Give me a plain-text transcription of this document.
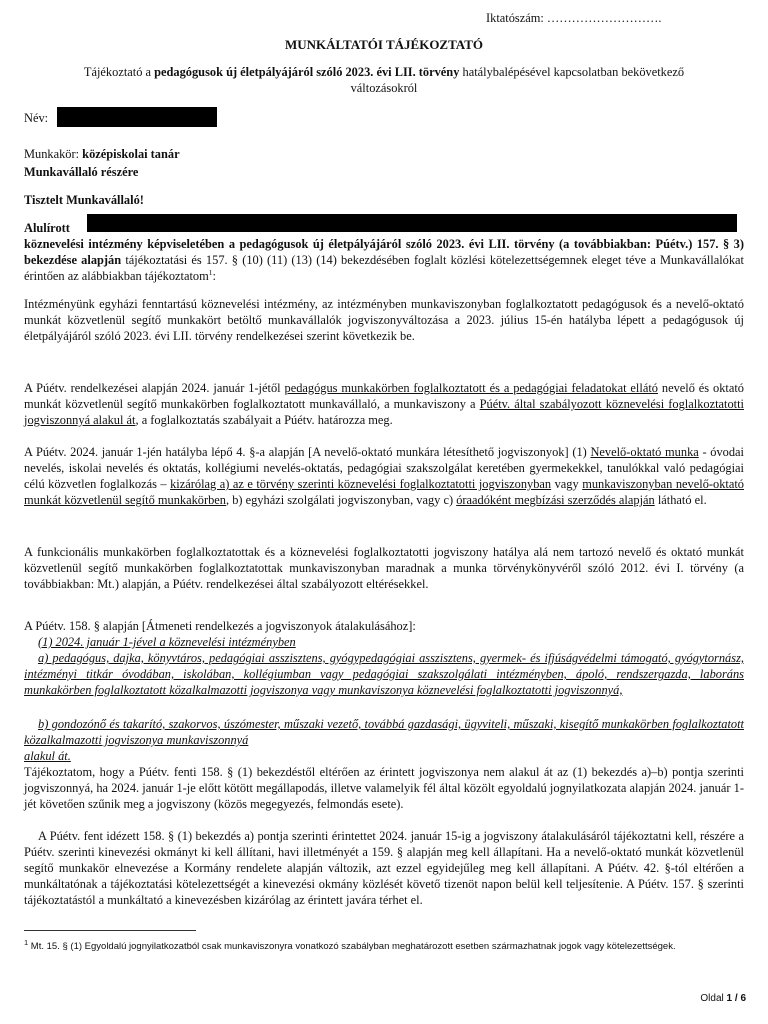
Iktatószám: ……………………….
MUNKÁLTATÓI TÁJÉKOZTATÓ
Tájékoztató a pedagógusok új életpályájáról szóló 2023. évi LII. törvény hatálybalépésével kapcsolatban bekövetkező változásokról
Név:
Munkakör: középiskolai tanár
Munkavállaló részére
Tisztelt Munkavállaló!
Alulírott
köznevelési intézmény képviseletében a pedagógusok új életpályájáról szóló 2023. évi LII. törvény (a továbbiakban: Púétv.) 157. § 3) bekezdése alapján tájékoztatási és 157. § (10) (11) (13) (14) bekezdésében foglalt közlési kötelezettségemnek eleget téve a Munkavállalókat érintően az alábbiakban tájékoztatom$^1$:
Intézményünk egyházi fenntartású köznevelési intézmény, az intézményben munkaviszonyban foglalkoztatott pedagógusok és a nevelő-oktató munkát közvetlenül segítő munkakört betöltő munkavállalók jogviszonyváltozása a 2023. július 15-én hatályba lépett a pedagógusok új életpályájáról szóló 2023. évi LII. törvény rendelkezései szerint következik be.
A Púétv. rendelkezései alapján 2024. január 1-jétől pedagógus munkakörben foglalkoztatott és a pedagógiai feladatokat ellátó nevelő és oktató munkát közvetlenül segítő munkakörben foglalkoztatott munkavállaló, a munkaviszony a Púétv. által szabályozott köznevelési foglalkoztatotti jogviszonnyá alakul át, a foglalkoztatás szabályait a Púétv. határozza meg.
A Púétv. 2024. január 1-jén hatályba lépő 4. §-a alapján [A nevelő-oktató munkára létesíthető jogviszonyok] (1) Nevelő-oktató munka - óvodai nevelés, iskolai nevelés és oktatás, kollégiumi nevelés-oktatás, pedagógiai szakszolgálat keretében gyermekekkel, tanulókkal való pedagógiai célú közvetlen foglalkozás – kizárólag a) az e törvény szerinti köznevelési foglalkoztatotti jogviszonyban vagy munkaviszonyban nevelő-oktató munkát közvetlenül segítő munkakörben, b) egyházi szolgálati jogviszonyban, vagy c) óraadóként megbízási szerződés alapján látható el.
A funkcionális munkakörben foglalkoztatottak és a köznevelési foglalkoztatotti jogviszony hatálya alá nem tartozó nevelő és oktató munkát közvetlenül segítő munkakörben foglalkoztatottak munkaviszonyban maradnak a munka törvénykönyvéről szóló 2012. évi I. törvény (a továbbiakban: Mt.) alapján, a Púétv. rendelkezései által szabályozott eltérésekkel.
A Púétv. 158. § alapján [Átmeneti rendelkezés a jogviszonyok átalakulásához]:
(1) 2024. január 1-jével a köznevelési intézményben
a) pedagógus, dajka, könyvtáros, pedagógiai asszisztens, gyógypedagógiai asszisztens, gyermek- és ifjúságvédelmi támogató, gyógytornász, intézményi titkár óvodában, iskolában, kollégiumban vagy pedagógiai szakszolgálati intézményben, ápoló, rendszergazda, laboráns munkakörben foglalkoztatott közalkalmazotti jogviszonya vagy munkaviszonya köznevelési foglalkoztatotti jogviszonnyá,
b) gondozónő és takarító, szakorvos, úszómester, műszaki vezető, továbbá gazdasági, ügyviteli, műszaki, kisegítő munkakörben foglalkoztatott közalkalmazotti jogviszonya munkaviszonnyá
alakul át.
Tájékoztatom, hogy a Púétv. fenti 158. § (1) bekezdéstől eltérően az érintett jogviszonya nem alakul át az (1) bekezdés a)–b) pontja szerinti jogviszonnyá, ha 2024. január 1-je előtt kötött megállapodás, illetve valamelyik fél által közölt egyoldalú jognyilatkozata alapján 2024. január 1-jét követően szűnik meg a jogviszony (közös megegyezés, felmondás esete).
A Púétv. fent idézett 158. § (1) bekezdés a) pontja szerinti érintettet 2024. január 15-ig a jogviszony átalakulásáról tájékoztatni kell, részére a Púétv. szerinti kinevezési okmányt ki kell állítani, havi illetményét a 159. § alapján meg kell állapítani. Ha a nevelő-oktató munkát közvetlenül segítő munkakör elnevezése a Kormány rendelete alapján változik, azt ezzel egyidejűleg meg kell állapítani. A Púétv. 42. §-tól eltérően a munkáltatónak a tájékoztatási kötelezettségét a kinevezési okmány közlését követő tizenöt napon belül kell teljesítenie. A Púétv. 157. § szerinti tájékoztatástól a munkáltató a kinevezésben kizárólag az érintett javára térhet el.
$^1$ Mt. 15. § (1) Egyoldalú jognyilatkozatból csak munkaviszonyra vonatkozó szabályban meghatározott esetben származhatnak jogok vagy kötelezettségek.
Oldal 1 / 6
